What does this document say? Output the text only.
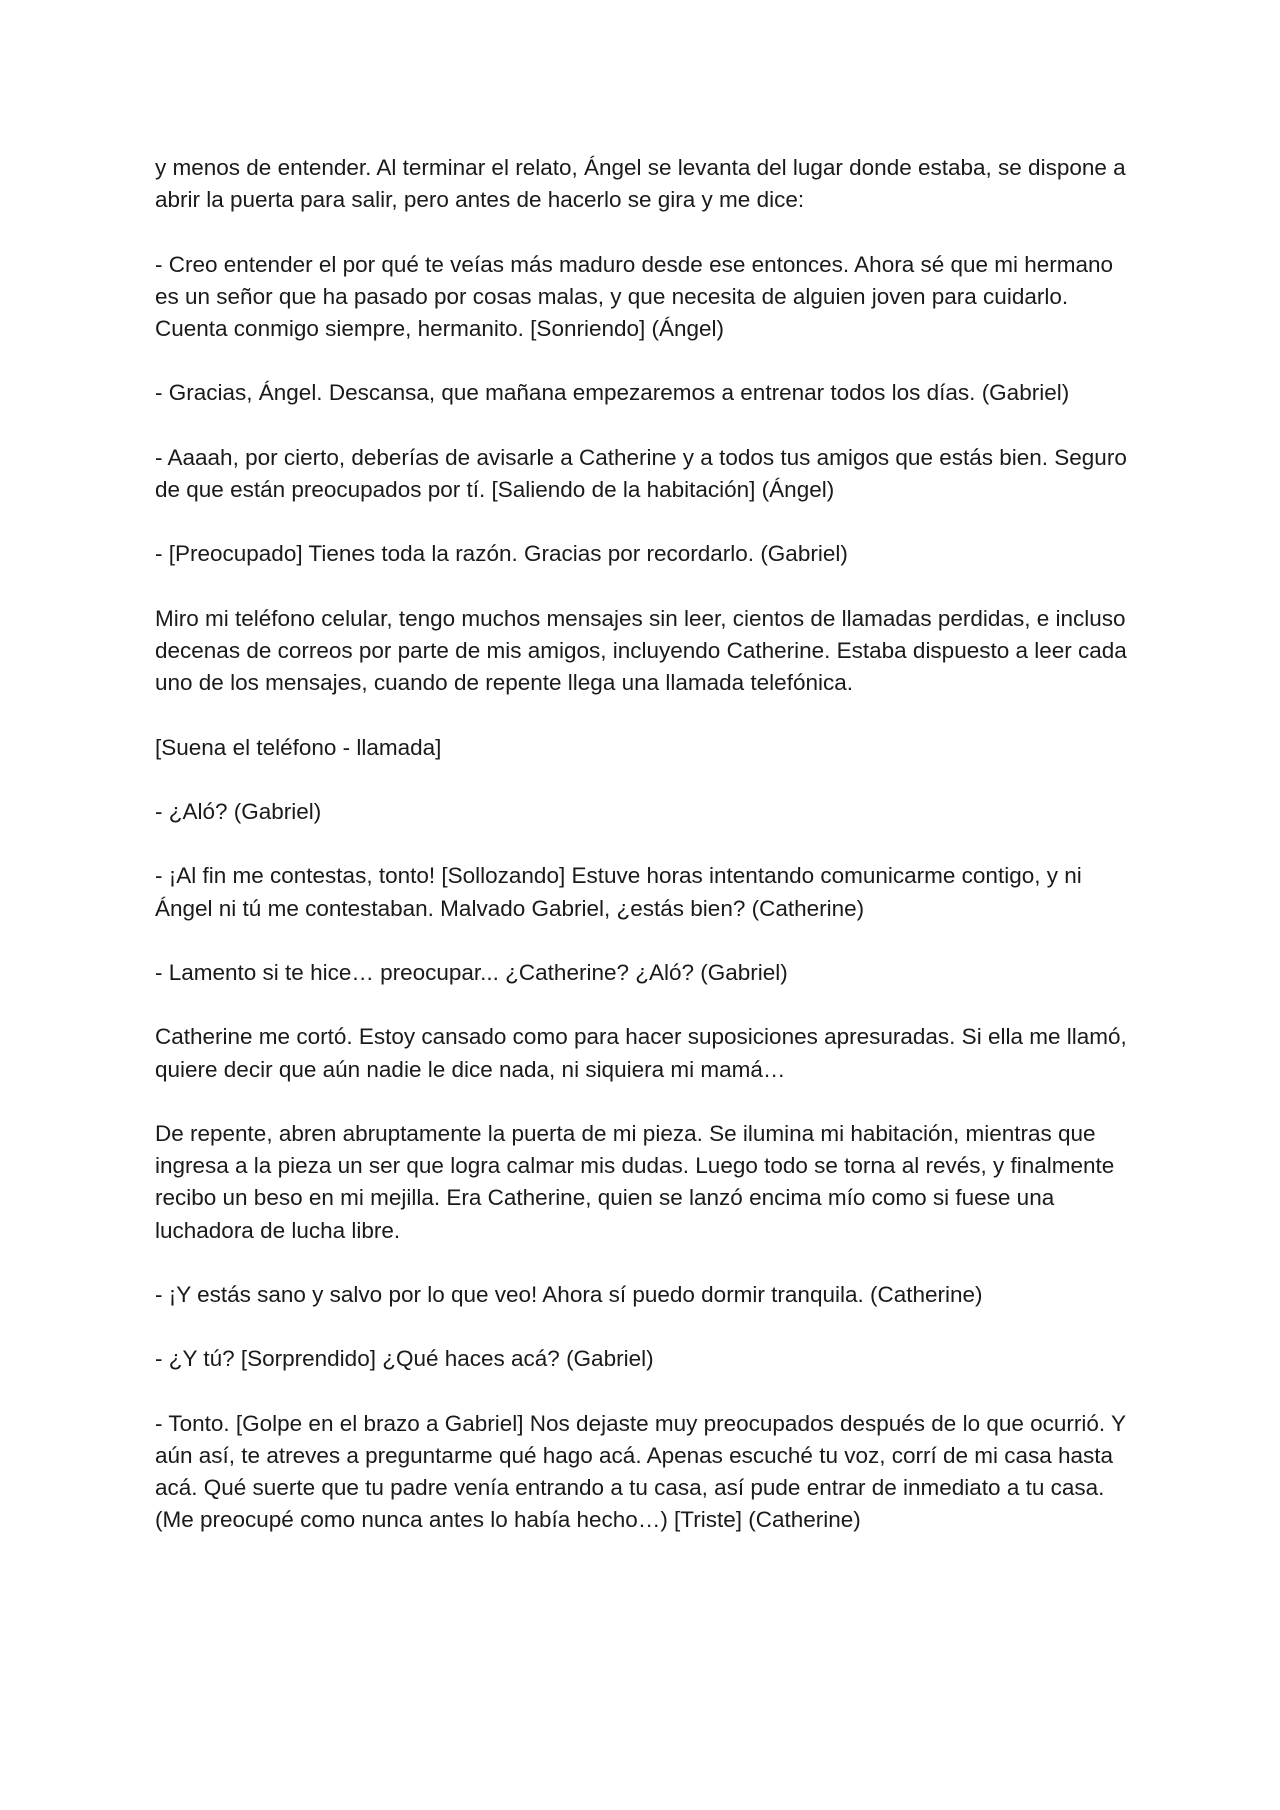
y menos de entender. Al terminar el relato, Ángel se levanta del lugar donde estaba, se dispone a abrir la puerta para salir, pero antes de hacerlo se gira y me dice:

- Creo entender el por qué te veías más maduro desde ese entonces. Ahora sé que mi hermano es un señor que ha pasado por cosas malas, y que necesita de alguien joven para cuidarlo. Cuenta conmigo siempre, hermanito. [Sonriendo] (Ángel)

- Gracias, Ángel. Descansa, que mañana empezaremos a entrenar todos los días. (Gabriel)

- Aaaah, por cierto, deberías de avisarle a Catherine y a todos tus amigos que estás bien. Seguro de que están preocupados por tí. [Saliendo de la habitación] (Ángel)

- [Preocupado] Tienes toda la razón. Gracias por recordarlo. (Gabriel)

Miro mi teléfono celular, tengo muchos mensajes sin leer, cientos de llamadas perdidas, e incluso decenas de correos por parte de mis amigos, incluyendo Catherine. Estaba dispuesto a leer cada uno de los mensajes, cuando de repente llega una llamada telefónica.

[Suena el teléfono - llamada]

- ¿Aló? (Gabriel)

- ¡Al fin me contestas, tonto! [Sollozando] Estuve horas intentando comunicarme contigo, y ni Ángel ni tú me contestaban. Malvado Gabriel, ¿estás bien? (Catherine)

- Lamento si te hice… preocupar... ¿Catherine? ¿Aló? (Gabriel)

Catherine me cortó. Estoy cansado como para hacer suposiciones apresuradas. Si ella me llamó, quiere decir que aún nadie le dice nada, ni siquiera mi mamá…

De repente, abren abruptamente la puerta de mi pieza. Se ilumina mi habitación, mientras que ingresa a la pieza un ser que logra calmar mis dudas. Luego todo se torna al revés, y finalmente recibo un beso en mi mejilla. Era Catherine, quien se lanzó encima mío como si fuese una luchadora de lucha libre.

- ¡Y estás sano y salvo por lo que veo! Ahora sí puedo dormir tranquila. (Catherine)

- ¿Y tú? [Sorprendido] ¿Qué haces acá? (Gabriel)

- Tonto. [Golpe en el brazo a Gabriel] Nos dejaste muy preocupados después de lo que ocurrió. Y aún así, te atreves a preguntarme qué hago acá. Apenas escuché tu voz, corrí de mi casa hasta acá. Qué suerte que tu padre venía entrando a tu casa, así pude entrar de inmediato a tu casa. (Me preocupé como nunca antes lo había hecho…) [Triste] (Catherine)
